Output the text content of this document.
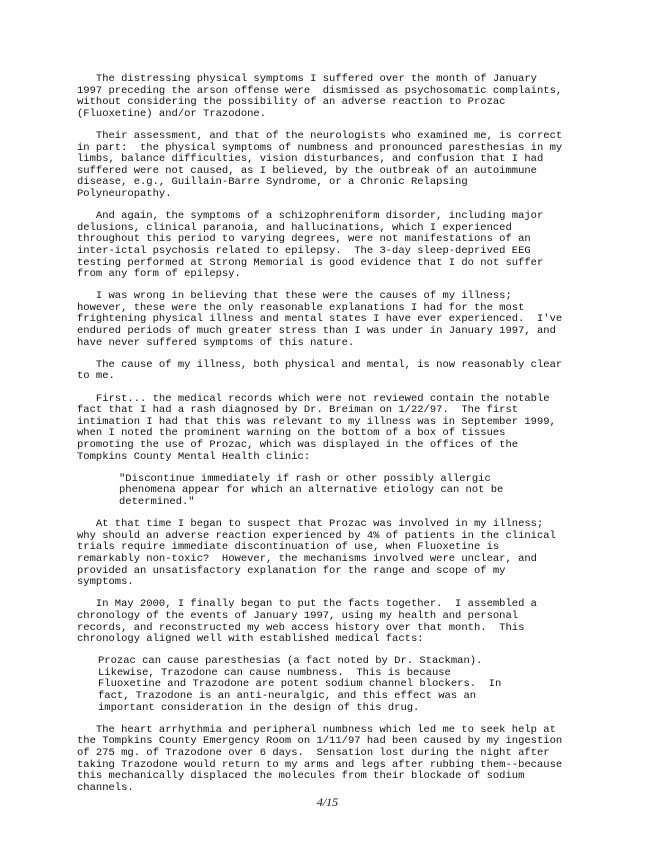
The distressing physical symptoms I suffered over the month of January
1997 preceding the arson offense were  dismissed as psychosomatic complaints,
without considering the possibility of an adverse reaction to Prozac
(Fluoxetine) and/or Trazodone.
Their assessment, and that of the neurologists who examined me, is correct
in part:  the physical symptoms of numbness and pronounced paresthesias in my
limbs, balance difficulties, vision disturbances, and confusion that I had
suffered were not caused, as I believed, by the outbreak of an autoimmune
disease, e.g., Guillain-Barre Syndrome, or a Chronic Relapsing
Polyneuropathy.
And again, the symptoms of a schizophreniform disorder, including major
delusions, clinical paranoia, and hallucinations, which I experienced
throughout this period to varying degrees, were not manifestations of an
inter-ictal psychosis related to epilepsy.  The 3-day sleep-deprived EEG
testing performed at Strong Memorial is good evidence that I do not suffer
from any form of epilepsy.
I was wrong in believing that these were the causes of my illness;
however, these were the only reasonable explanations I had for the most
frightening physical illness and mental states I have ever experienced.  I've
endured periods of much greater stress than I was under in January 1997, and
have never suffered symptoms of this nature.
The cause of my illness, both physical and mental, is now reasonably clear
to me.
First... the medical records which were not reviewed contain the notable
fact that I had a rash diagnosed by Dr. Breiman on 1/22/97.  The first
intimation I had that this was relevant to my illness was in September 1999,
when I noted the prominent warning on the bottom of a box of tissues
promoting the use of Prozac, which was displayed in the offices of the
Tompkins County Mental Health clinic:
"Discontinue immediately if rash or other possibly allergic
phenomena appear for which an alternative etiology can not be
determined."
At that time I began to suspect that Prozac was involved in my illness;
why should an adverse reaction experienced by 4% of patients in the clinical
trials require immediate discontinuation of use, when Fluoxetine is
remarkably non-toxic?  However, the mechanisms involved were unclear, and
provided an unsatisfactory explanation for the range and scope of my
symptoms.
In May 2000, I finally began to put the facts together.  I assembled a
chronology of the events of January 1997, using my health and personal
records, and reconstructed my web access history over that month.  This
chronology aligned well with established medical facts:
Prozac can cause paresthesias (a fact noted by Dr. Stackman).
Likewise, Trazodone can cause numbness.  This is because
Fluoxetine and Trazodone are potent sodium channel blockers.  In
fact, Trazodone is an anti-neuralgic, and this effect was an
important consideration in the design of this drug.
The heart arrhythmia and peripheral numbness which led me to seek help at
the Tompkins County Emergency Room on 1/11/97 had been caused by my ingestion
of 275 mg. of Trazodone over 6 days.  Sensation lost during the night after
taking Trazodone would return to my arms and legs after rubbing them--because
this mechanically displaced the molecules from their blockade of sodium
channels.
4/15
